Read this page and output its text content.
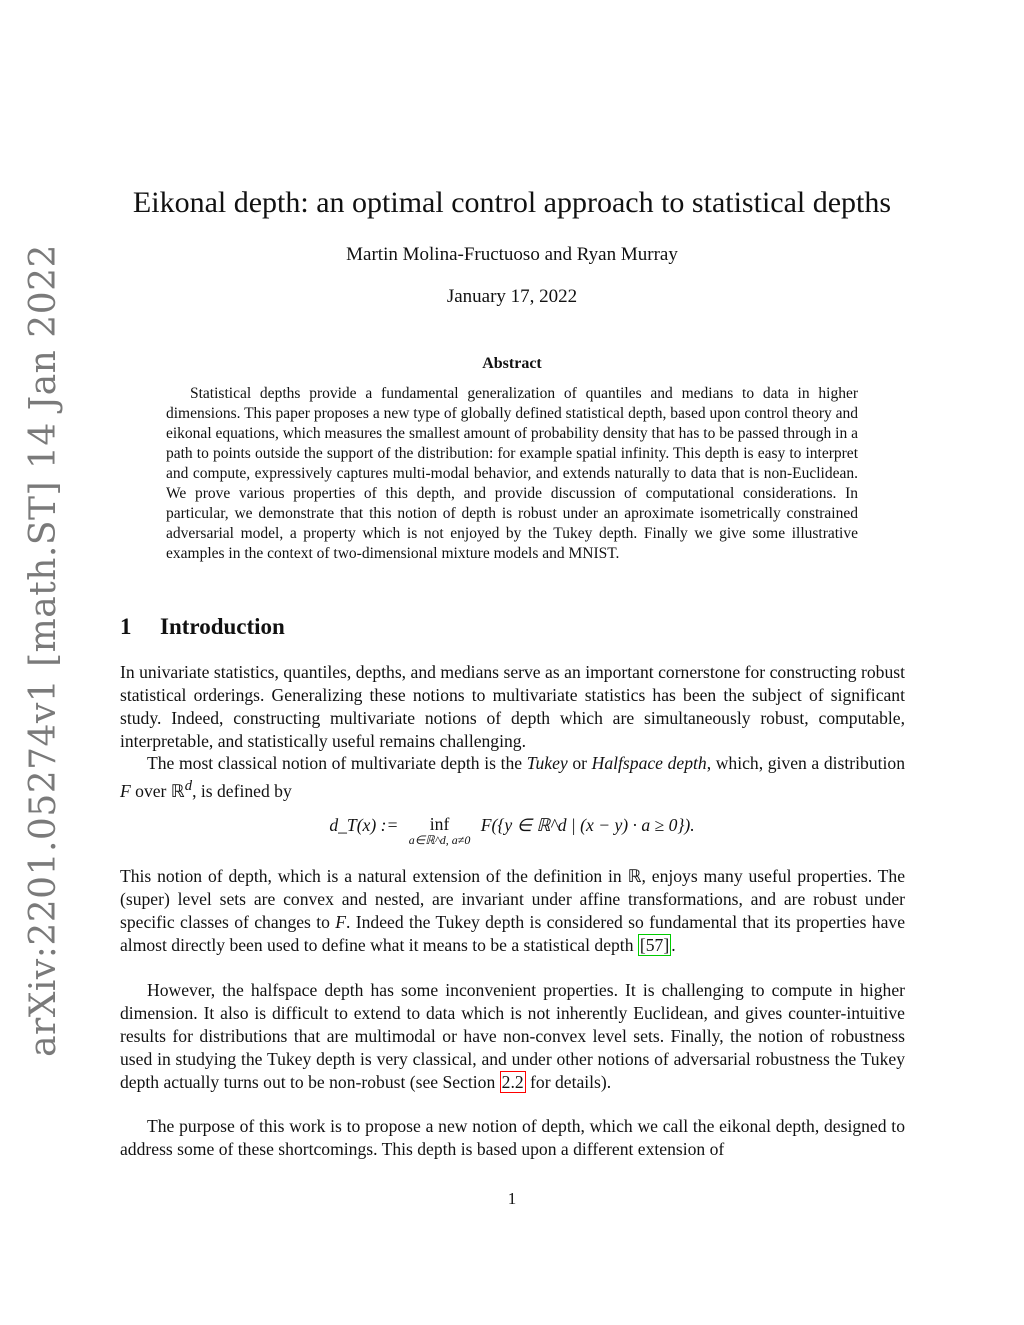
arXiv:2201.05274v1 [math.ST] 14 Jan 2022
Eikonal depth: an optimal control approach to statistical depths
Martin Molina-Fructuoso and Ryan Murray
January 17, 2022
Abstract

Statistical depths provide a fundamental generalization of quantiles and medians to data in higher dimensions. This paper proposes a new type of globally defined statistical depth, based upon control theory and eikonal equations, which measures the smallest amount of probability density that has to be passed through in a path to points outside the support of the distribution: for example spatial infinity. This depth is easy to interpret and compute, expressively captures multi-modal behavior, and extends naturally to data that is non-Euclidean. We prove various properties of this depth, and provide discussion of computational considerations. In particular, we demonstrate that this notion of depth is robust under an aproximate isometrically constrained adversarial model, a property which is not enjoyed by the Tukey depth. Finally we give some illustrative examples in the context of two-dimensional mixture models and MNIST.

1 Introduction

In univariate statistics, quantiles, depths, and medians serve as an important cornerstone for constructing robust statistical orderings. Generalizing these notions to multivariate statistics has been the subject of significant study. Indeed, constructing multivariate notions of depth which are simultaneously robust, computable, interpretable, and statistically useful remains challenging.

The most classical notion of multivariate depth is the Tukey or Halfspace depth, which, given a distribution F over ℝ$^d$, is defined by

d_T(x) :=	inf
a∈ℝ^d, a≠0
F({y ∈ ℝ^d | (x − y) · a ≥ 0}).

This notion of depth, which is a natural extension of the definition in ℝ, enjoys many useful properties. The (super) level sets are convex and nested, are invariant under affine transformations, and are robust under specific classes of changes to F. Indeed the Tukey depth is considered so fundamental that its properties have almost directly been used to define what it means to be a statistical depth [57] .

However, the halfspace depth has some inconvenient properties. It is challenging to compute in higher dimension. It also is difficult to extend to data which is not inherently Euclidean, and gives counter-intuitive results for distributions that are multimodal or have non-convex level sets. Finally, the notion of robustness used in studying the Tukey depth is very classical, and under other notions of adversarial robustness the Tukey depth actually turns out to be non-robust (see Section 2.2 for details).

The purpose of this work is to propose a new notion of depth, which we call the eikonal depth, designed to address some of these shortcomings. This depth is based upon a different extension of

1
